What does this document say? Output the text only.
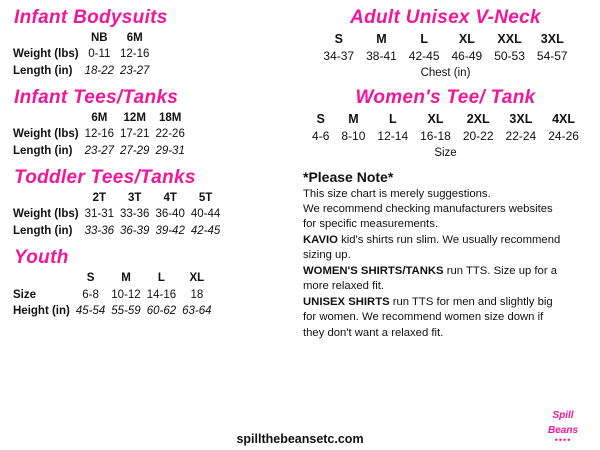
Infant Bodysuits
	NB	6M
Weight (lbs)	0-11	12-16
Length (in)	18-22	23-27
Infant Tees/Tanks
	6M	12M	18M
Weight (lbs)	12-16	17-21	22-26
Length (in)	23-27	27-29	29-31
Toddler Tees/Tanks
	2T	3T	4T	5T
Weight (lbs)	31-31	33-36	36-40	40-44
Length (in)	33-36	36-39	39-42	42-45
Youth
	S	M	L	XL
Size	6-8	10-12	14-16	18
Height (in)	45-54	55-59	60-62	63-64
Adult Unisex V-Neck
S	M	L	XL	XXL	3XL
34-37	38-41	42-45	46-49	50-53	54-57
Chest (in)
Women's Tee/ Tank
S	M	L	XL	2XL	3XL	4XL
4-6	8-10	12-14	16-18	20-22	22-24	24-26
Size
*Please Note*

This size chart is merely suggestions.

We recommend checking manufacturers websites

for specific measurements.

KAVIO kid's shirts run slim. We usually recommend

sizing up.

WOMEN'S SHIRTS/TANKS run TTS. Size up for a

more relaxed fit.

UNISEX SHIRTS run TTS for men and slightly big

for women. We recommend women size down if

they don't want a relaxed fit.

spillthebeansetc.com
Spill
Beans
••••
